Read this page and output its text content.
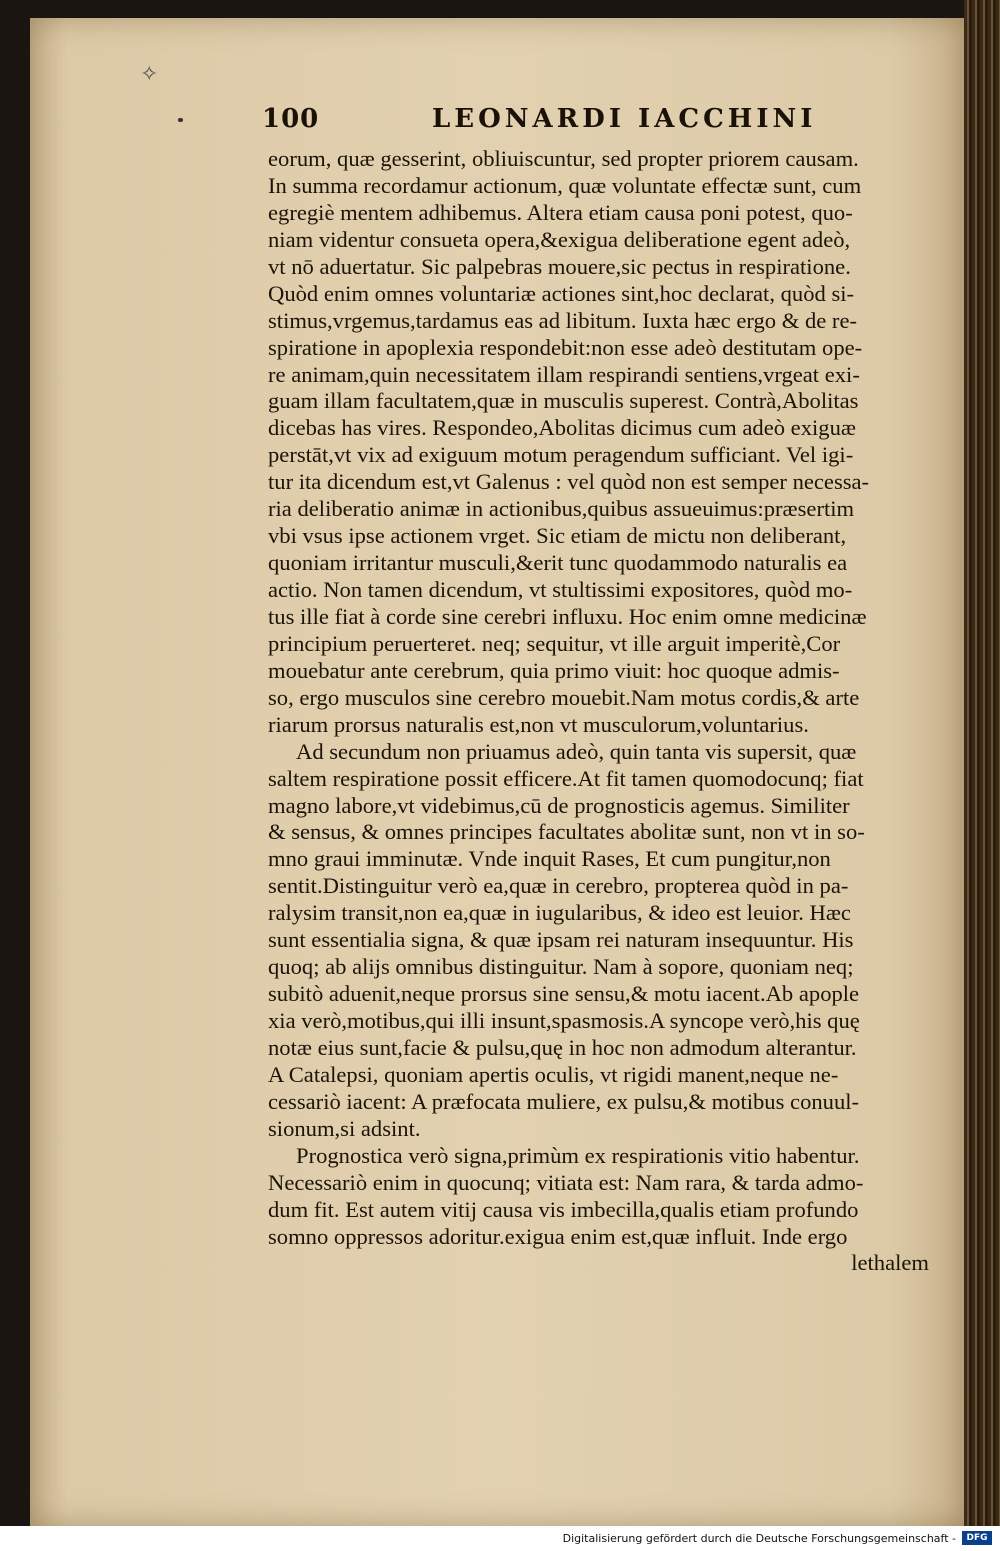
✧
100	LEONARDI IACCHINI
eorum, quæ gesserint, obliuiscuntur, sed propter priorem causam.
In summa recordamur actionum, quæ voluntate effectæ sunt, cum
egregiè mentem adhibemus. Altera etiam causa poni potest, quo-
niam videntur consueta opera,&exigua deliberatione egent adeò,
vt nō aduertatur. Sic palpebras mouere,sic pectus in respiratione.
Quòd enim omnes voluntariæ actiones sint,hoc declarat, quòd si-
stimus,vrgemus,tardamus eas ad libitum. Iuxta hæc ergo & de re-
spiratione in apoplexia respondebit:non esse adeò destitutam ope-
re animam,quin necessitatem illam respirandi sentiens,vrgeat exi-
guam illam facultatem,quæ in musculis superest. Contrà,Abolitas
dicebas has vires. Respondeo,Abolitas dicimus cum adeò exiguæ
perstāt,vt vix ad exiguum motum peragendum sufficiant. Vel igi-
tur ita dicendum est,vt Galenus : vel quòd non est semper necessa-
ria deliberatio animæ in actionibus,quibus assueuimus:præsertim
vbi vsus ipse actionem vrget. Sic etiam de mictu non deliberant,
quoniam irritantur musculi,&erit tunc quodammodo naturalis ea
actio. Non tamen dicendum, vt stultissimi expositores, quòd mo-
tus ille fiat à corde sine cerebri influxu. Hoc enim omne medicinæ
principium peruerteret. neq; sequitur, vt ille arguit imperitè,Cor
mouebatur ante cerebrum, quia primo viuit: hoc quoque admis-
so, ergo musculos sine cerebro mouebit.Nam motus cordis,& arte
riarum prorsus naturalis est,non vt musculorum,voluntarius.
Ad secundum non priuamus adeò, quin tanta vis supersit, quæ
saltem respiratione possit efficere.At fit tamen quomodocunq; fiat
magno labore,vt videbimus,cū de prognosticis agemus. Similiter
& sensus, & omnes principes facultates abolitæ sunt, non vt in so-
mno graui imminutæ. Vnde inquit Rases, Et cum pungitur,non
sentit.Distinguitur verò ea,quæ in cerebro, propterea quòd in pa-
ralysim transit,non ea,quæ in iugularibus, & ideo est leuior. Hæc
sunt essentialia signa, & quæ ipsam rei naturam insequuntur. His
quoq; ab alijs omnibus distinguitur. Nam à sopore, quoniam neq;
subitò aduenit,neque prorsus sine sensu,& motu iacent.Ab apople
xia verò,motibus,qui illi insunt,spasmosis.A syncope verò,his quę
notæ eius sunt,facie & pulsu,quę in hoc non admodum alterantur.
A Catalepsi, quoniam apertis oculis, vt rigidi manent,neque ne-
cessariò iacent: A præfocata muliere, ex pulsu,& motibus conuul-
sionum,si adsint.
Prognostica verò signa,primùm ex respirationis vitio habentur.
Necessariò enim in quocunq; vitiata est: Nam rara, & tarda admo-
dum fit. Est autem vitij causa vis imbecilla,qualis etiam profundo
somno oppressos adoritur.exigua enim est,quæ influit. Inde ergo
lethalem
Digitalisierung gefördert durch die Deutsche Forschungsgemeinschaft -	DFG
